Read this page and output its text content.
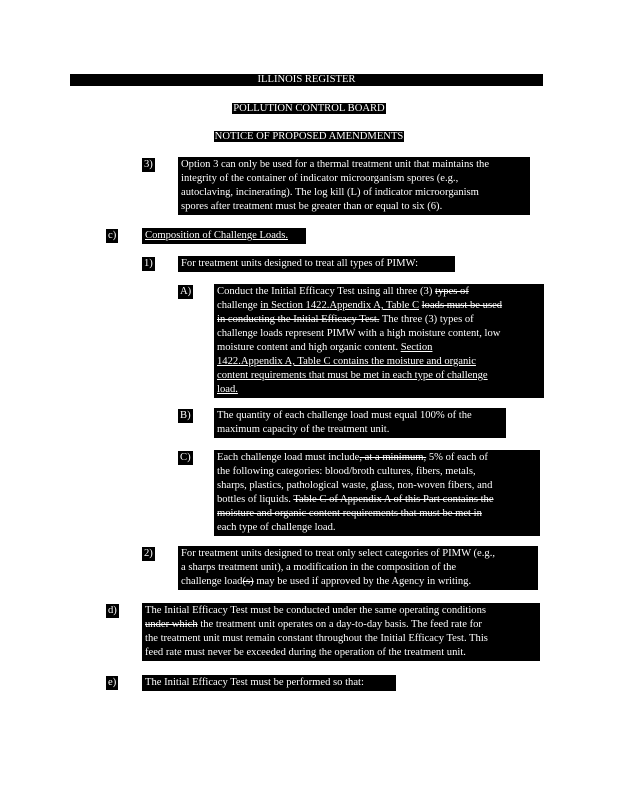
ILLINOIS REGISTER
POLLUTION CONTROL BOARD
NOTICE OF PROPOSED AMENDMENTS
3)	Option 3 can only be used for a thermal treatment unit that maintains the
integrity of the container of indicator microorganism spores (e.g.,
autoclaving, incinerating). The log kill (L) of indicator microorganism
spores after treatment must be greater than or equal to six (6).
c)	Composition of Challenge Loads.
1)	For treatment units designed to treat all types of PIMW:
A) Conduct the Initial Efficacy Test using all three (3) types of
challenge in Section 1422.Appendix A, Table C loads must be used
in conducting the Initial Efficacy Test. The three (3) types of
challenge loads represent PIMW with a high moisture content, low
moisture content and high organic content. Section
1422.Appendix A, Table C contains the moisture and organic
content requirements that must be met in each type of challenge
load.
B) The quantity of each challenge load must equal 100% of the
maximum capacity of the treatment unit.
C) Each challenge load must include, at a minimum, 5% of each of
the following categories: blood/broth cultures, fibers, metals,
sharps, plastics, pathological waste, glass, non-woven fibers, and
bottles of liquids. Table C of Appendix A of this Part contains the
moisture and organic content requirements that must be met in
each type of challenge load.
2)	For treatment units designed to treat only select categories of PIMW (e.g.,
a sharps treatment unit), a modification in the composition of the
challenge load(s) may be used if approved by the Agency in writing.
d)	The Initial Efficacy Test must be conducted under the same operating conditions
under which the treatment unit operates on a day-to-day basis. The feed rate for
the treatment unit must remain constant throughout the Initial Efficacy Test. This
feed rate must never be exceeded during the operation of the treatment unit.
e)	The Initial Efficacy Test must be performed so that:
